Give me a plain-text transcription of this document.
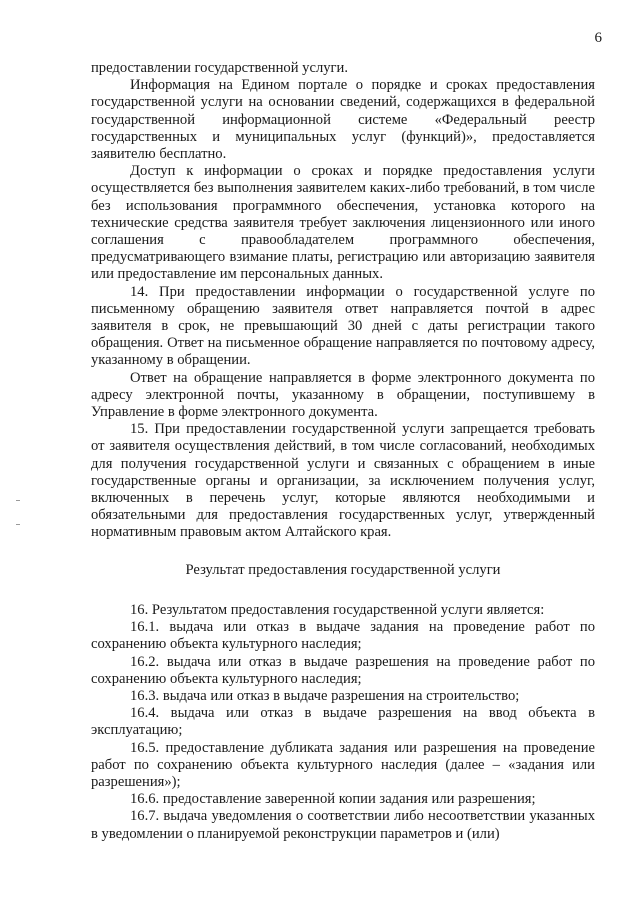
6

предоставлении государственной услуги.

Информация на Едином портале о порядке и сроках предоставления государственной услуги на основании сведений, содержащихся в федеральной государственной информационной системе «Федеральный реестр государственных и муниципальных услуг (функций)», предоставляется заявителю бесплатно.

Доступ к информации о сроках и порядке предоставления услуги осуществляется без выполнения заявителем каких-либо требований, в том числе без использования программного обеспечения, установка которого на технические средства заявителя требует заключения лицензионного или иного соглашения с правообладателем программного обеспечения, предусматривающего взимание платы, регистрацию или авторизацию заявителя или предоставление им персональных данных.

14. При предоставлении информации о государственной услуге по письменному обращению заявителя ответ направляется почтой в адрес заявителя в срок, не превышающий 30 дней с даты регистрации такого обращения. Ответ на письменное обращение направляется по почтовому адресу, указанному в обращении.

Ответ на обращение направляется в форме электронного документа по адресу электронной почты, указанному в обращении, поступившему в Управление в форме электронного документа.

15. При предоставлении государственной услуги запрещается требовать от заявителя осуществления действий, в том числе согласований, необходимых для получения государственной услуги и связанных с обращением в иные государственные органы и организации, за исключением получения услуг, включенных в перечень услуг, которые являются необходимыми и обязательными для предоставления государственных услуг, утвержденный нормативным правовым актом Алтайского края.

Результат предоставления государственной услуги

16. Результатом предоставления государственной услуги является:

16.1. выдача или отказ в выдаче задания на проведение работ по сохранению объекта культурного наследия;

16.2. выдача или отказ в выдаче разрешения на проведение работ по сохранению объекта культурного наследия;

16.3. выдача или отказ в выдаче разрешения на строительство;

16.4. выдача или отказ в выдаче разрешения на ввод объекта в эксплуатацию;

16.5. предоставление дубликата задания или разрешения на проведение работ по сохранению объекта культурного наследия (далее – «задания или разрешения»);

16.6. предоставление заверенной копии задания или разрешения;

16.7. выдача уведомления о соответствии либо несоответствии указанных в уведомлении о планируемой реконструкции параметров и (или)
